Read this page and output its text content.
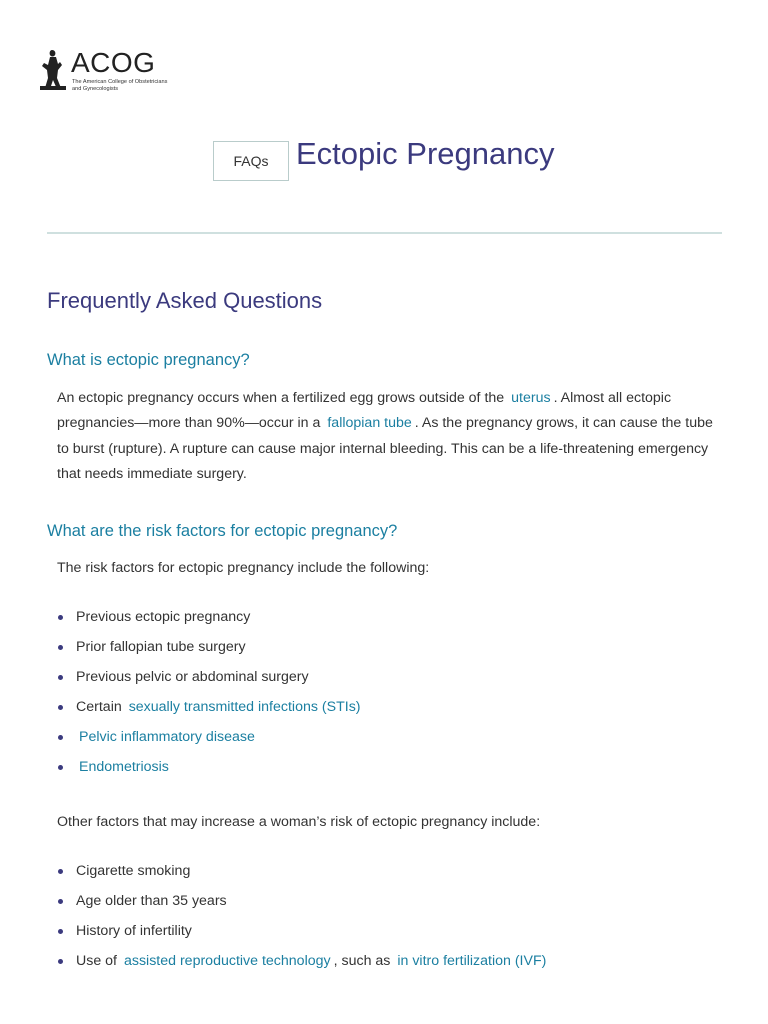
ACOG
The American College of Obstetricians and Gynecologists
FAQs Ectopic Pregnancy
Frequently Asked Questions
What is ectopic pregnancy?

An ectopic pregnancy occurs when a fertilized egg grows outside of the uterus . Almost all ectopic pregnancies—more than 90%—occur in a fallopian tube . As the pregnancy grows, it can cause the tube to burst (rupture). A rupture can cause major internal bleeding. This can be a life-threatening emergency that needs immediate surgery.

What are the risk factors for ectopic pregnancy?

The risk factors for ectopic pregnancy include the following:

Previous ectopic pregnancy
Prior fallopian tube surgery
Previous pelvic or abdominal surgery
Certain sexually transmitted infections (STIs)
Pelvic inflammatory disease
Endometriosis

Other factors that may increase a woman’s risk of ectopic pregnancy include:

Cigarette smoking
Age older than 35 years
History of infertility
Use of assisted reproductive technology , such as in vitro fertilization (IVF)
